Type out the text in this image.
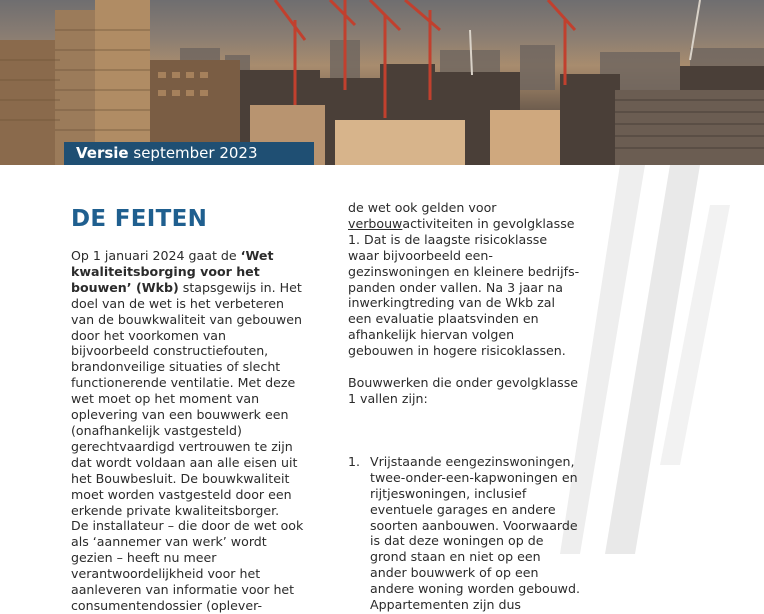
Versie september 2023
DE FEITEN

Op 1 januari 2024 gaat de ‘Wet kwaliteitsborging voor het bouwen’ (Wkb) stapsgewijs in. Het doel van de wet is het verbeteren van de bouwkwaliteit van gebouwen door het voorkomen van bijvoorbeeld constructiefouten, brandonveilige situaties of slecht functionerende ventilatie. Met deze wet moet op het moment van oplevering van een bouwwerk een (onafhankelijk vastgesteld) gerechtvaardigd vertrouwen te zijn dat wordt voldaan aan alle eisen uit het Bouwbesluit. De bouwkwaliteit moet worden vastgesteld door een erkende private kwaliteitsborger.

De installateur – die door de wet ook als ‘aannemer van werk’ wordt gezien – heeft nu meer verantwoordelijkheid voor het aanleveren van informatie voor het consumentendossier (oplever-

de wet ook gelden voor verbouwactiviteiten in gevolgklasse 1. Dat is de laagste risicoklasse waar bijvoorbeeld eengezinswoningen en kleinere bedrijfspanden onder vallen. Na 3 jaar na inwerkingtreding van de Wkb zal een evaluatie plaatsvinden en afhankelijk hiervan volgen gebouwen in hogere risicoklassen.

Bouwwerken die onder gevolgklasse 1 vallen zijn:

1. Vrijstaande eengezinswoningen, twee-onder-een-kapwoningen en rijtjeswoningen, inclusief eventuele garages en andere soorten aanbouwen. Voorwaarde is dat deze woningen op de grond staan en niet op een ander bouwwerk of op een andere woning worden gebouwd. Appartementen zijn dus
